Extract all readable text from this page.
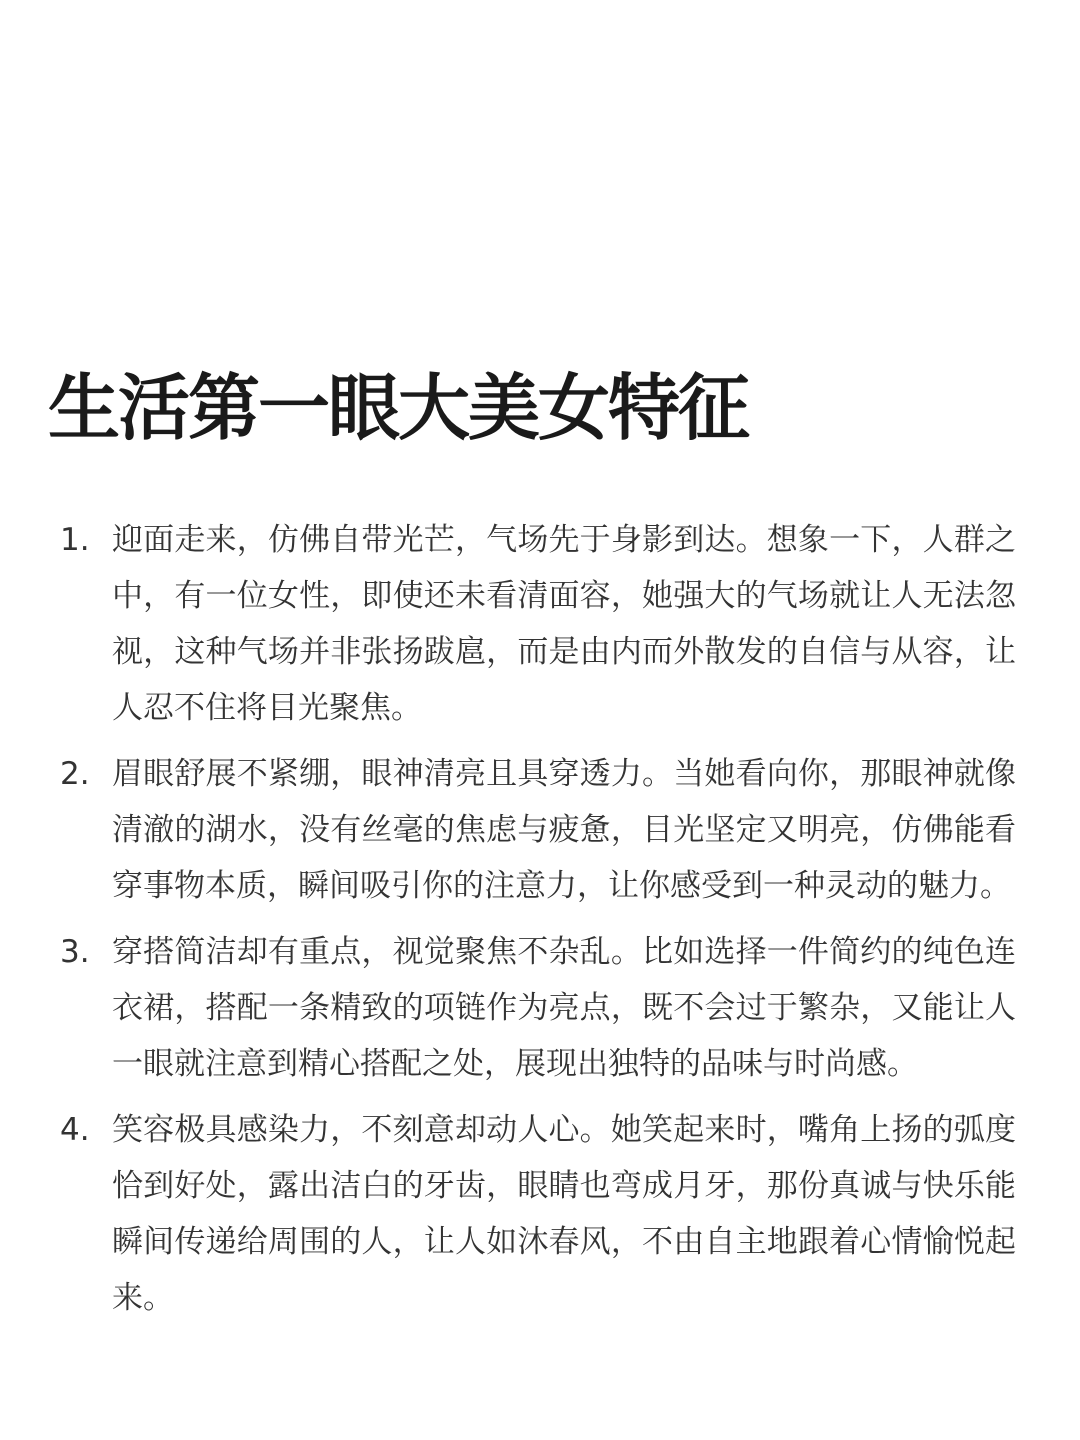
生活第一眼大美女特征
1. 迎面走来，仿佛自带光芒，气场先于身影到达。想象一下，人群之中，有一位女性，即使还未看清面容，她强大的气场就让人无法忽视，这种气场并非张扬跋扈，而是由内而外散发的自信与从容，让人忍不住将目光聚焦。
2. 眉眼舒展不紧绷，眼神清亮且具穿透力。当她看向你，那眼神就像清澈的湖水，没有丝毫的焦虑与疲惫，目光坚定又明亮，仿佛能看穿事物本质，瞬间吸引你的注意力，让你感受到一种灵动的魅力。
3. 穿搭简洁却有重点，视觉聚焦不杂乱。比如选择一件简约的纯色连衣裙，搭配一条精致的项链作为亮点，既不会过于繁杂，又能让人一眼就注意到精心搭配之处，展现出独特的品味与时尚感。
4. 笑容极具感染力，不刻意却动人心。她笑起来时，嘴角上扬的弧度恰到好处，露出洁白的牙齿，眼睛也弯成月牙，那份真诚与快乐能瞬间传递给周围的人，让人如沐春风，不由自主地跟着心情愉悦起来。
